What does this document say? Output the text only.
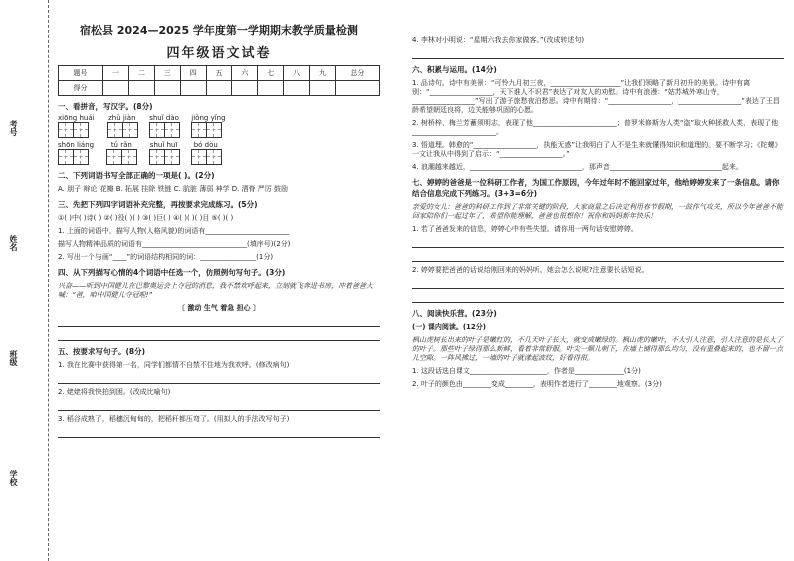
考号
姓名
班级
学校
宿松县 2024—2025 学年度第一学期期末教学质量检测
四年级语文试卷
题号	一	二	三	四	五	六	七	八	九	总分
得分										
一、看拼音，写汉字。(8分)
xiōng huái
zhǔ jiàn
shuǐ dào
jiǒng yǐng
shōn liáng
	tǔ rǎn
	shuǐ huī
	bó dòu
二、下列词语书写全部正确的一项是( )。(2分)
A. 朋子 辩论 花瓣 B. 拓展 挂除 铁链 C. 肮脏 薄弱 神学 D. 洒脊 严厉 鼓励
三、先把下列四字词语补充完整，再按要求完成练习。(5分)
①( )中( )诗( ) ②( )役( )( ) ③( )巨( ) ④( )( )( )目 ⑤( )( )
1. 上面的词语中，描写人物(人格风貌)的词语有________________________
描写人物精神品质的词语有______________________________(填序号)(2分)
2. 写出一个与画“____”的词语结构相同的词：________________(1分)
四、从下列描写心情的4个词语中任选一个，仿照例句写句子。(3分)
兴奋——听到中国健儿在巴黎奥运会上夺冠的消息，我不禁欢呼起来，立刻就飞奔进书房，冲着爸爸大喊：“爸，咱中国健儿夺冠啦!”
〔 激动 生气 着急 担心 〕
五、按要求写句子。(8分)
1. 我在比赛中获得第一名，同学们都情不自禁不住地为我欢呼。(修改病句)
2. 姥姥将我快拍到困。(改成比喻句)
3. 稻谷成熟了，稻穗沉甸甸的，把稻秆都压弯了。(用拟人的手法改写句子)
4. 李林对小明说：“星期六我去你家做客。”(改成转述句)
六、积累与运用。(14分)
1. 品诗句。诗中有美景：“可怜九月初三夜，____________________”让我们领略了新月初升的美景。诗中有离别：“__________________，天下谁人不识君”表达了对友人的劝慰。诗中有浪漫：“姑苏城外寒山寺，__________________”写出了游子旅愁夜泊愁思。诗中有期待：“__________________，__________________”表达了王昌龄希望朝廷良将，边关能够巩固的心愿。
2. 树桥梓、梅兰芳蓄须明志，表现了他________________________；普罗米修斯为人类“盗”取火种拯救人类，表现了他________________________。
3. 悟道理。韩愈的“__________________，执能无惑”让我明白了人不是生来就懂得知识和道理的。要不断学习；《陀螺》一文让我从中得到了启示：“__________________。”
4. 浪潮越来越近，________________________________，那声音________________________________起来。
七、婷婷的爸爸是一位科研工作者，为国工作原因，今年过年时不能回家过年，他给婷婷发来了一条信息。请你结合信息完成下列练习。(3+3=6分)
亲爱的女儿：爸爸的科研工作到了非常关键的阶段，大家商量之后决定利用春节假期，一鼓作气攻关，所以今年爸爸不能回家陪你们一起过年了，希望你能理解，爸爸也很想你！祝你和妈妈新年快乐！
1. 若了爸爸发来的信息，婷婷心中有些失望。请你用一两句话安慰婷婷。
2. 婷婷要把爸爸的话说给刚回来的妈妈听。她会怎么说呢?注意要长话短说。
八、阅读快乐营。(23分)
(一) 课内阅读。(12分)
枫山虎树长出来的叶子是嫩红的，不几天叶子长大，就变成嫩绿的。枫山虎的嫩叶，不大引人注意，引人注意的是长大了的叶子。那些叶子绿得那么新鲜，看着非常舒服。叶尖一顺儿朝下，在墙上铺得那么均匀，没有重叠起来的，也不留一点儿空隙。一阵风拂过，一墙的叶子就漾起波纹，好看得很。
1. 这段话选自课文______________________，作者是______________(1分)
2. 叶子的颜色由________变成________，表明作者进行了________地观察。(3分)
